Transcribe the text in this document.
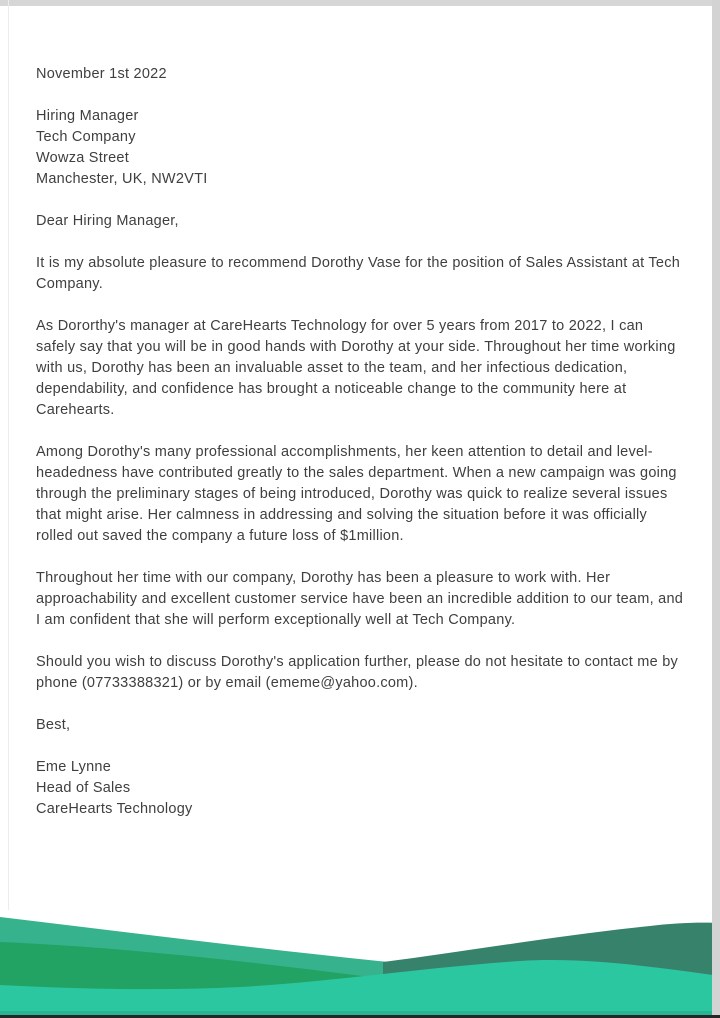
November 1st 2022
Hiring Manager
Tech Company
Wowza Street
Manchester, UK, NW2VTI
Dear Hiring Manager,

It is my absolute pleasure to recommend Dorothy Vase for the position of Sales Assistant at Tech Company.

As Dororthy's manager at CareHearts Technology for over 5 years from 2017 to 2022, I can safely say that you will be in good hands with Dorothy at your side. Throughout her time working with us, Dorothy has been an invaluable asset to the team, and her infectious dedication, dependability, and confidence has brought a noticeable change to the community here at Carehearts.

Among Dorothy's many professional accomplishments, her keen attention to detail and level-headedness have contributed greatly to the sales department. When a new campaign was going through the preliminary stages of being introduced, Dorothy was quick to realize several issues that might arise. Her calmness in addressing and solving the situation before it was officially rolled out saved the company a future loss of $1million.

Throughout her time with our company, Dorothy has been a pleasure to work with. Her approachability and excellent customer service have been an incredible addition to our team, and I am confident that she will perform exceptionally well at Tech Company.

Should you wish to discuss Dorothy's application further, please do not hesitate to contact me by phone (07733388321) or by email (ememe@yahoo.com).

Best,
Eme Lynne
Head of Sales
CareHearts Technology
